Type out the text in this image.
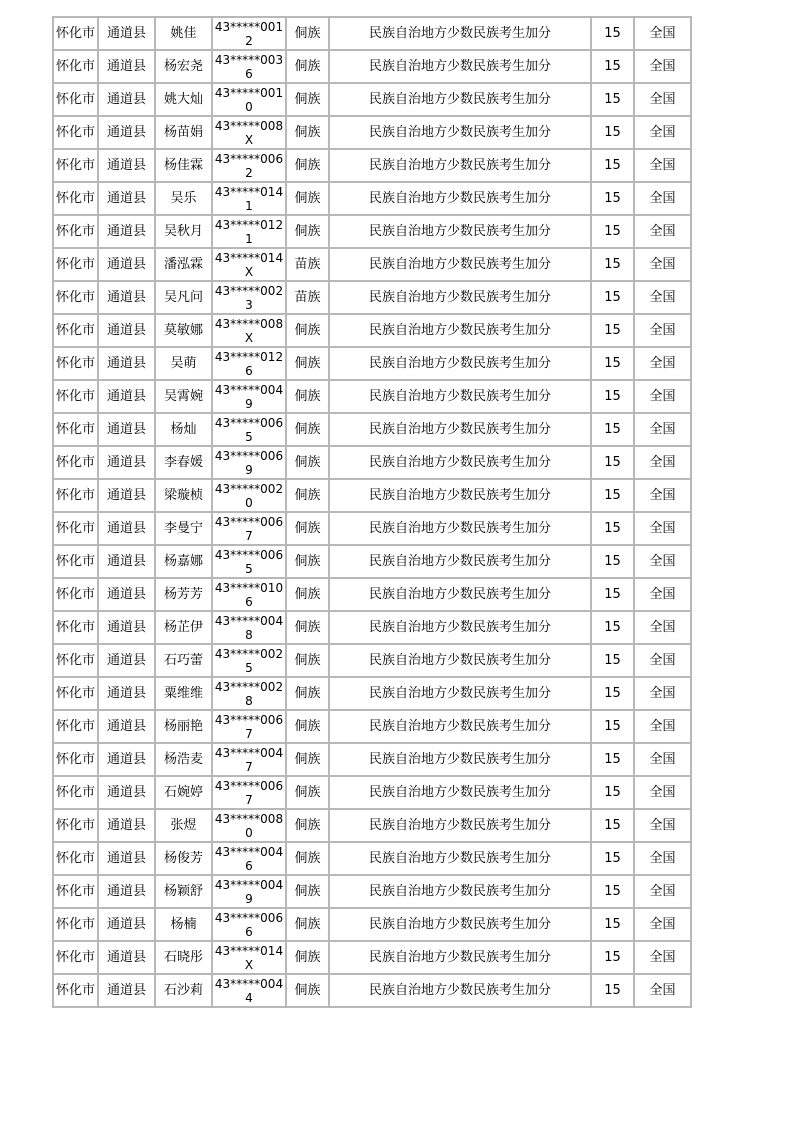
怀化市	通道县	姚佳	43*****0012	侗族	民族自治地方少数民族考生加分	15	全国
怀化市	通道县	杨宏尧	43*****0036	侗族	民族自治地方少数民族考生加分	15	全国
怀化市	通道县	姚大灿	43*****0010	侗族	民族自治地方少数民族考生加分	15	全国
怀化市	通道县	杨苗娟	43*****008X	侗族	民族自治地方少数民族考生加分	15	全国
怀化市	通道县	杨佳霖	43*****0062	侗族	民族自治地方少数民族考生加分	15	全国
怀化市	通道县	吴乐	43*****0141	侗族	民族自治地方少数民族考生加分	15	全国
怀化市	通道县	吴秋月	43*****0121	侗族	民族自治地方少数民族考生加分	15	全国
怀化市	通道县	潘泓霖	43*****014X	苗族	民族自治地方少数民族考生加分	15	全国
怀化市	通道县	吴凡问	43*****0023	苗族	民族自治地方少数民族考生加分	15	全国
怀化市	通道县	莫敏娜	43*****008X	侗族	民族自治地方少数民族考生加分	15	全国
怀化市	通道县	吴萌	43*****0126	侗族	民族自治地方少数民族考生加分	15	全国
怀化市	通道县	吴霄婉	43*****0049	侗族	民族自治地方少数民族考生加分	15	全国
怀化市	通道县	杨灿	43*****0065	侗族	民族自治地方少数民族考生加分	15	全国
怀化市	通道县	李春媛	43*****0069	侗族	民族自治地方少数民族考生加分	15	全国
怀化市	通道县	梁璇桢	43*****0020	侗族	民族自治地方少数民族考生加分	15	全国
怀化市	通道县	李曼宁	43*****0067	侗族	民族自治地方少数民族考生加分	15	全国
怀化市	通道县	杨嘉娜	43*****0065	侗族	民族自治地方少数民族考生加分	15	全国
怀化市	通道县	杨芳芳	43*****0106	侗族	民族自治地方少数民族考生加分	15	全国
怀化市	通道县	杨芷伊	43*****0048	侗族	民族自治地方少数民族考生加分	15	全国
怀化市	通道县	石巧蕾	43*****0025	侗族	民族自治地方少数民族考生加分	15	全国
怀化市	通道县	粟维维	43*****0028	侗族	民族自治地方少数民族考生加分	15	全国
怀化市	通道县	杨丽艳	43*****0067	侗族	民族自治地方少数民族考生加分	15	全国
怀化市	通道县	杨浩麦	43*****0047	侗族	民族自治地方少数民族考生加分	15	全国
怀化市	通道县	石婉婷	43*****0067	侗族	民族自治地方少数民族考生加分	15	全国
怀化市	通道县	张煜	43*****0080	侗族	民族自治地方少数民族考生加分	15	全国
怀化市	通道县	杨俊芳	43*****0046	侗族	民族自治地方少数民族考生加分	15	全国
怀化市	通道县	杨颖舒	43*****0049	侗族	民族自治地方少数民族考生加分	15	全国
怀化市	通道县	杨楠	43*****0066	侗族	民族自治地方少数民族考生加分	15	全国
怀化市	通道县	石晓彤	43*****014X	侗族	民族自治地方少数民族考生加分	15	全国
怀化市	通道县	石沙莉	43*****0044	侗族	民族自治地方少数民族考生加分	15	全国
